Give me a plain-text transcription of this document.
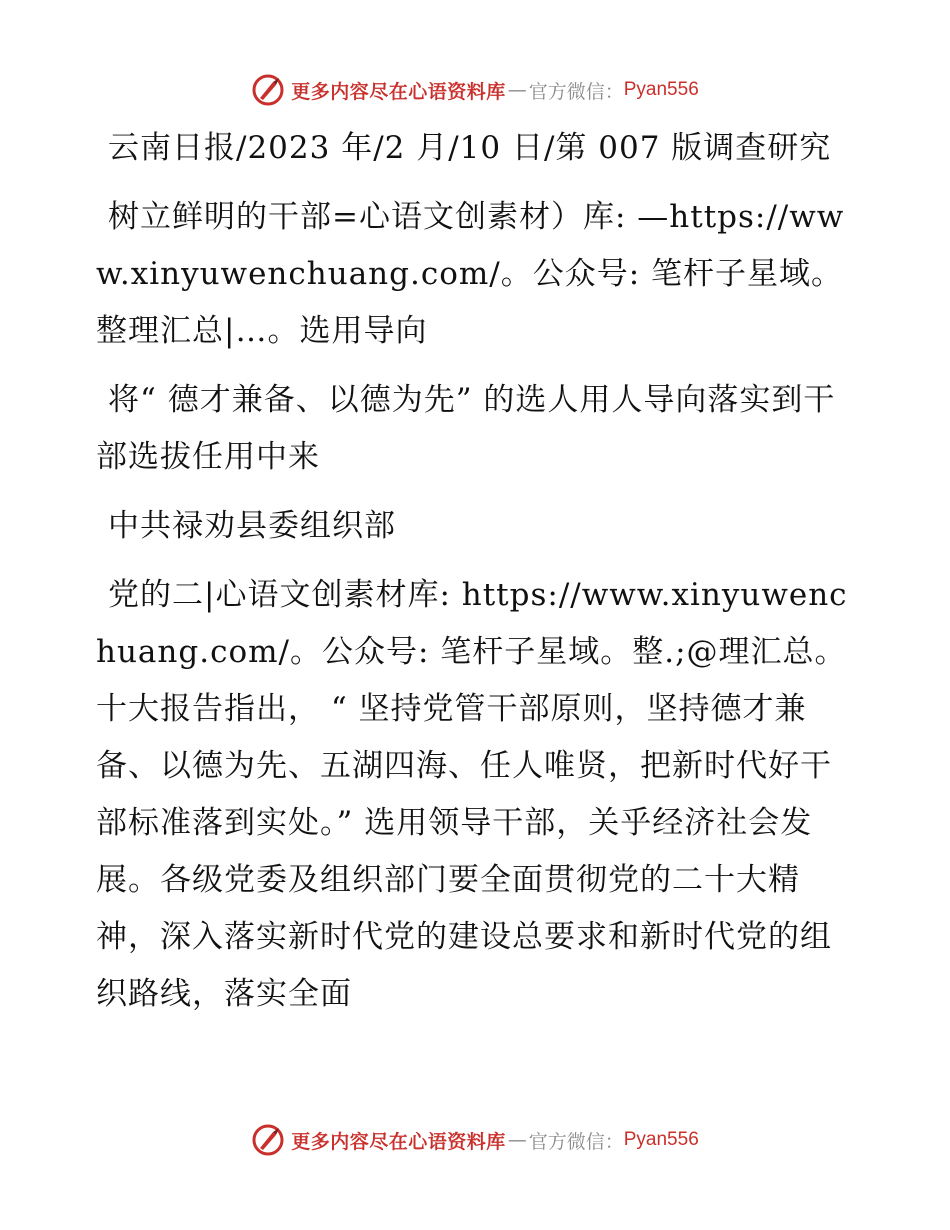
更多内容尽在心语资料库 — 官方微信： Pyan556

云南日报/2023 年/2 月/10 日/第 007 版调查研究

树立鲜明的干部=心语文创素材）库: —https://www.xinyuwenchuang.com/。公众号: 笔杆子星域。整理汇总|…。选用导向

将“ 德才兼备、以德为先” 的选人用人导向落实到干部选拔任用中来

中共禄劝县委组织部

党的二|心语文创素材库: https://www.xinyuwenchuang.com/。公众号: 笔杆子星域。整.;@理汇总。十大报告指出， “ 坚持党管干部原则，坚持德才兼备、以德为先、五湖四海、任人唯贤，把新时代好干部标准落到实处。” 选用领导干部，关乎经济社会发展。各级党委及组织部门要全面贯彻党的二十大精神，深入落实新时代党的建设总要求和新时代党的组织路线，落实全面

更多内容尽在心语资料库 — 官方微信： Pyan556
